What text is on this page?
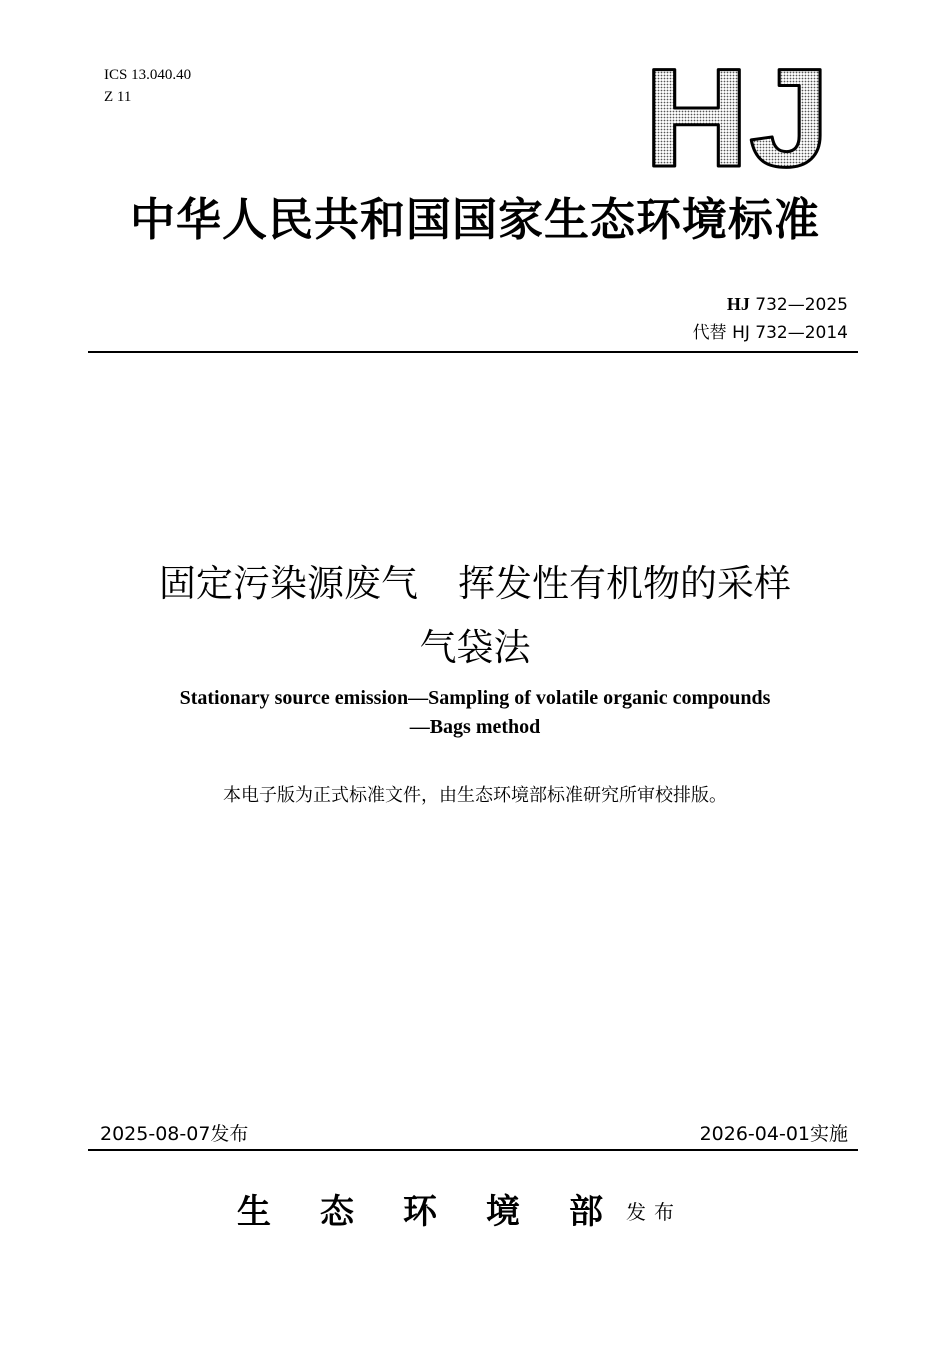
ICS 13.040.40
Z 11	HJ
中华人民共和国国家生态环境标准
HJ 732—2025
代替 HJ 732—2014
固定污染源废气 挥发性有机物的采样
气袋法
Stationary source emission—Sampling of volatile organic compounds
—Bags method
本电子版为正式标准文件，由生态环境部标准研究所审校排版。
2025-08-07发布	2026-04-01实施
生 态 环 境 部 发布
